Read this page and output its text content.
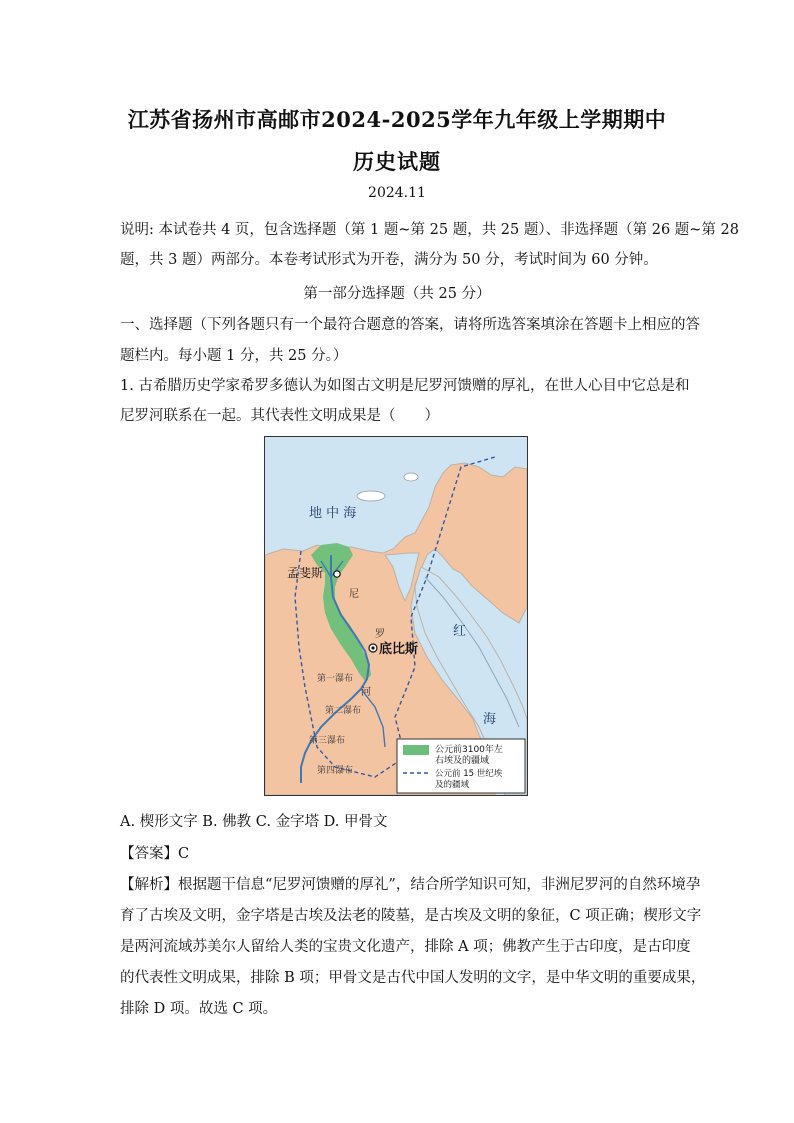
江苏省扬州市高邮市2024-2025学年九年级上学期期中
历史试题
2024.11
说明: 本试卷共 4 页，包含选择题（第 1 题~第 25 题，共 25 题）、非选择题（第 26 题~第 28
题，共 3 题）两部分。本卷考试形式为开卷，满分为 50 分，考试时间为 60 分钟。
第一部分选择题（共 25 分）
一、选择题（下列各题只有一个最符合题意的答案，请将所选答案填涂在答题卡上相应的答
题栏内。每小题 1 分，共 25 分。）
1. 古希腊历史学家希罗多德认为如图古文明是尼罗河馈赠的厚礼，在世人心目中它总是和
尼罗河联系在一起。其代表性文明成果是（　　）
地 中 海
红
海
孟斐斯
底比斯
尼
罗
河
第一瀑布
第二瀑布
第三瀑布
第四瀑布
公元前3100年左
右埃及的疆域
公元前 15 世纪埃
及的疆域
A. 楔形文字 B. 佛教 C. 金字塔 D. 甲骨文
【答案】C
【解析】根据题干信息“尼罗河馈赠的厚礼”，结合所学知识可知，非洲尼罗河的自然环境孕
育了古埃及文明，金字塔是古埃及法老的陵墓，是古埃及文明的象征，C 项正确；楔形文字
是两河流域苏美尔人留给人类的宝贵文化遗产，排除 A 项；佛教产生于古印度，是古印度
的代表性文明成果，排除 B 项；甲骨文是古代中国人发明的文字，是中华文明的重要成果，
排除 D 项。故选 C 项。
